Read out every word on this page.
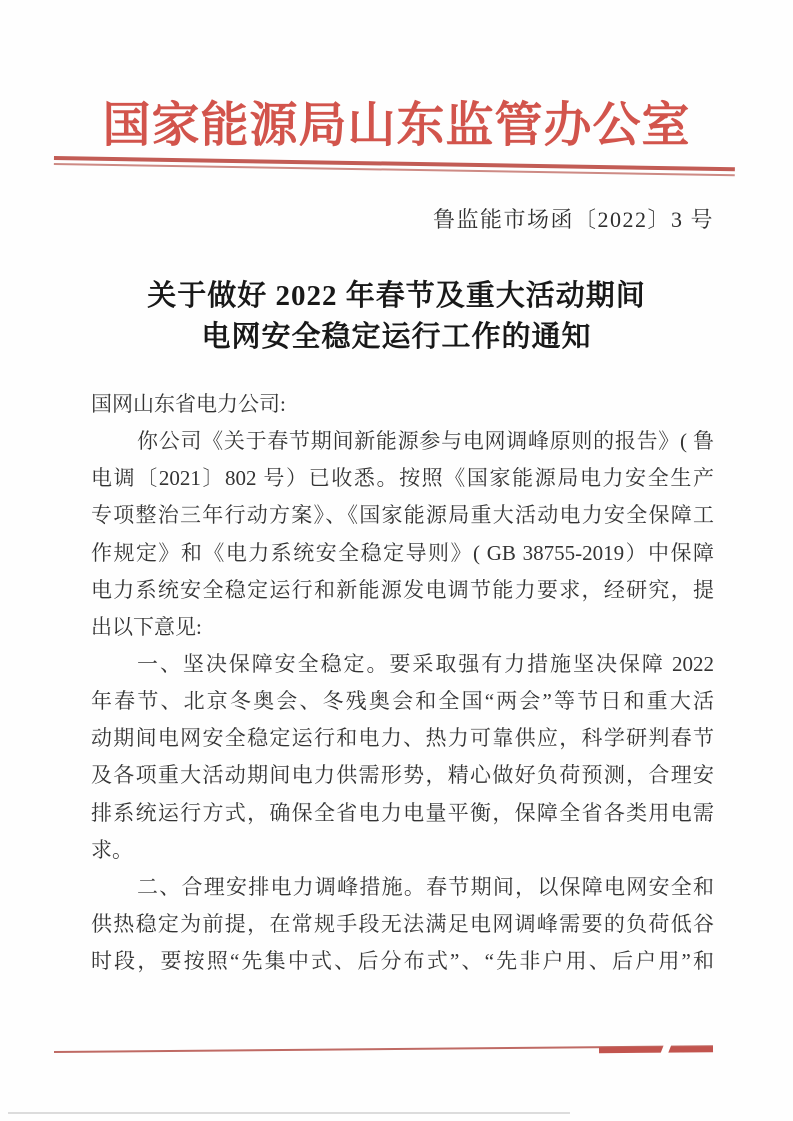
国家能源局山东监管办公室
鲁监能市场函〔2022〕3 号
关于做好 2022 年春节及重大活动期间
电网安全稳定运行工作的通知
国网山东省电力公司:
你公司《关于春节期间新能源参与电网调峰原则的报告》( 鲁
电调〔2021〕802 号）已收悉。按照《国家能源局电力安全生产
专项整治三年行动方案》、《国家能源局重大活动电力安全保障工
作规定》和《电力系统安全稳定导则》( GB 38755-2019）中保障
电力系统安全稳定运行和新能源发电调节能力要求，经研究，提
出以下意见:
一、坚决保障安全稳定。要采取强有力措施坚决保障 2022
年春节、北京冬奥会、冬残奥会和全国“两会”等节日和重大活
动期间电网安全稳定运行和电力、热力可靠供应，科学研判春节
及各项重大活动期间电力供需形势，精心做好负荷预测，合理安
排系统运行方式，确保全省电力电量平衡，保障全省各类用电需
求。
二、合理安排电力调峰措施。春节期间，以保障电网安全和
供热稳定为前提，在常规手段无法满足电网调峰需要的负荷低谷
时段，要按照“先集中式、后分布式”、“先非户用、后户用”和
